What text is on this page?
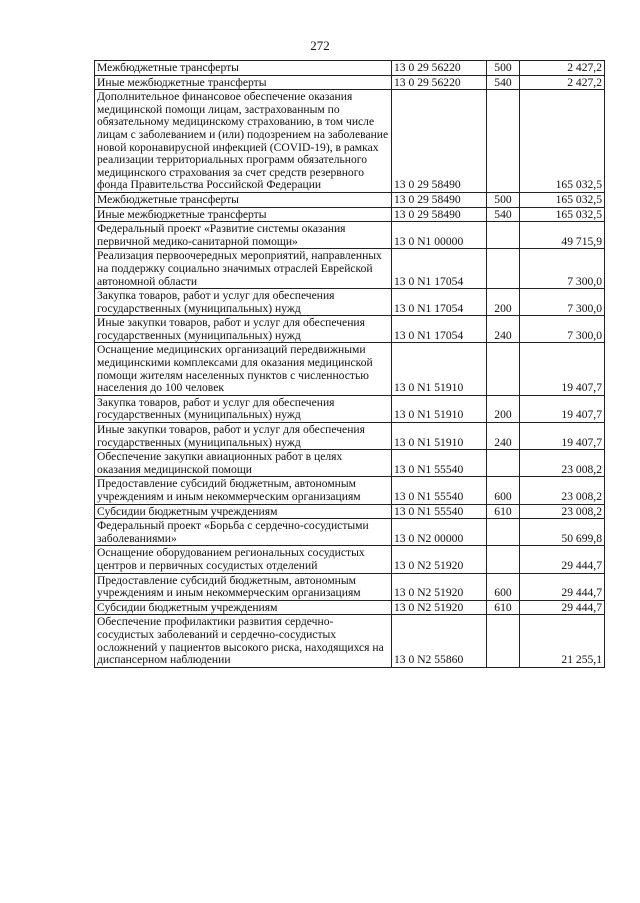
272
Межбюджетные трансферты	13 0 29 56220	500	2 427,2
Иные межбюджетные трансферты	13 0 29 56220	540	2 427,2
Дополнительное финансовое обеспечение оказания медицинской помощи лицам, застрахованным по обязательному медицинскому страхованию, в том числе лицам с заболеванием и (или) подозрением на заболевание новой коронавирусной инфекцией (COVID-19), в рамках реализации территориальных программ обязательного медицинского страхования за счет средств резервного фонда Правительства Российской Федерации	13 0 29 58490		165 032,5
Межбюджетные трансферты	13 0 29 58490	500	165 032,5
Иные межбюджетные трансферты	13 0 29 58490	540	165 032,5
Федеральный проект «Развитие системы оказания первичной медико-санитарной помощи»	13 0 N1 00000		49 715,9
Реализация первоочередных мероприятий, направленных на поддержку социально значимых отраслей Еврейской автономной области	13 0 N1 17054		7 300,0
Закупка товаров, работ и услуг для обеспечения государственных (муниципальных) нужд	13 0 N1 17054	200	7 300,0
Иные закупки товаров, работ и услуг для обеспечения государственных (муниципальных) нужд	13 0 N1 17054	240	7 300,0
Оснащение медицинских организаций передвижными медицинскими комплексами для оказания медицинской помощи жителям населенных пунктов с численностью населения до 100 человек	13 0 N1 51910		19 407,7
Закупка товаров, работ и услуг для обеспечения государственных (муниципальных) нужд	13 0 N1 51910	200	19 407,7
Иные закупки товаров, работ и услуг для обеспечения государственных (муниципальных) нужд	13 0 N1 51910	240	19 407,7
Обеспечение закупки авиационных работ в целях оказания медицинской помощи	13 0 N1 55540		23 008,2
Предоставление субсидий бюджетным, автономным учреждениям и иным некоммерческим организациям	13 0 N1 55540	600	23 008,2
Субсидии бюджетным учреждениям	13 0 N1 55540	610	23 008,2
Федеральный проект «Борьба с сердечно-сосудистыми заболеваниями»	13 0 N2 00000		50 699,8
Оснащение оборудованием региональных сосудистых центров и первичных сосудистых отделений	13 0 N2 51920		29 444,7
Предоставление субсидий бюджетным, автономным учреждениям и иным некоммерческим организациям	13 0 N2 51920	600	29 444,7
Субсидии бюджетным учреждениям	13 0 N2 51920	610	29 444,7
Обеспечение профилактики развития сердечно-сосудистых заболеваний и сердечно-сосудистых осложнений у пациентов высокого риска, находящихся на диспансерном наблюдении	13 0 N2 55860		21 255,1
